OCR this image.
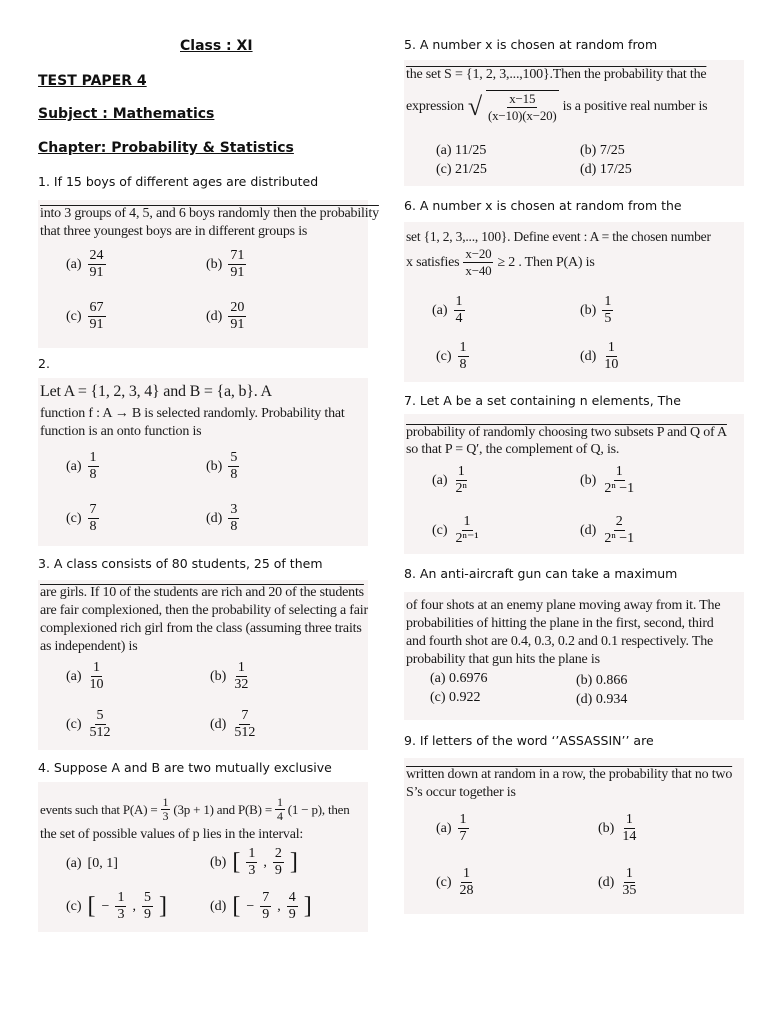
Class : XI
TEST PAPER 4
Subject : Mathematics
Chapter: Probability & Statistics
1. If 15 boys of different ages are distributed
into 3 groups of 4, 5, and 6 boys randomly then the probability
that three youngest boys are in different groups is
$(a) \frac{24}{91}$	$(b) \frac{71}{91}$
$(c) \frac{67}{91}$	$(d) \frac{20}{91}$
2.
Let A = {1, 2, 3, 4} and B = {a, b}. A
function f : A → B is selected randomly. Probability that
function is an onto function is
$(a) \frac{1}{8}$	$(b) \frac{5}{8}$
$(c) \frac{7}{8}$	$(d) \frac{3}{8}$
3. A class consists of 80 students, 25 of them
are girls. If 10 of the students are rich and 20 of the students
are fair complexioned, then the probability of selecting a fair
complexioned rich girl from the class (assuming three traits
as independent) is
$(a) \frac{1}{10}$	$(b) \frac{1}{32}$
$(c) \frac{5}{512}$	$(d) \frac{7}{512}$
4. Suppose A and B are two mutually exclusive
events such that $P(A) = \frac{1}{3} (3p + 1)$ and $P(B) = \frac{1}{4} (1 - p)$, then
the set of possible values of p lies in the interval:
(a) [0, 1]	(b) [ $\frac{1}{3}$ , $\frac{2}{9}$ ]
(c) [ − $\frac{1}{3}$ , $\frac{5}{9}$ ]	(d) [ − $\frac{7}{9}$ , $\frac{4}{9}$ ]
5. A number x is chosen at random from
the set S = {1, 2, 3,...,100}.Then the probability that the
expression √ $\frac{x-15}{(x-10)(x-20)}$ is a positive real number is
(a) 11/25	(b) 7/25
(c) 21/25	(d) 17/25
6. A number x is chosen at random from the
set {1, 2, 3,..., 100}. Define event : A = the chosen number
x satisfies $\frac{x-20}{x-40} \ge 2$ . Then P(A) is
$(a) \frac{1}{4}$	$(b) \frac{1}{5}$
$(c) \frac{1}{8}$	$(d) \frac{1}{10}$
7. Let A be a set containing n elements, The
probability of randomly choosing two subsets P and Q of A
so that P = Q′, the complement of Q, is.
$(a) \frac{1}{\text{2ⁿ}}$	$(b) \frac{1}{\text{2ⁿ −1}}$
$(c) \frac{1}{\text{2ⁿ⁻¹}}$	$(d) \frac{2}{\text{2ⁿ −1}}$
8. An anti-aircraft gun can take a maximum
of four shots at an enemy plane moving away from it. The
probabilities of hitting the plane in the first, second, third
and fourth shot are 0.4, 0.3, 0.2 and 0.1 respectively. The
probability that gun hits the plane is
(a) 0.6976	(b) 0.866
(c) 0.922	(d) 0.934
9. If letters of the word ‘’ASSASSIN’’ are
written down at random in a row, the probability that no two
S’s occur together is
$(a) \frac{1}{7}$	$(b) \frac{1}{14}$
$(c) \frac{1}{28}$	$(d) \frac{1}{35}$
